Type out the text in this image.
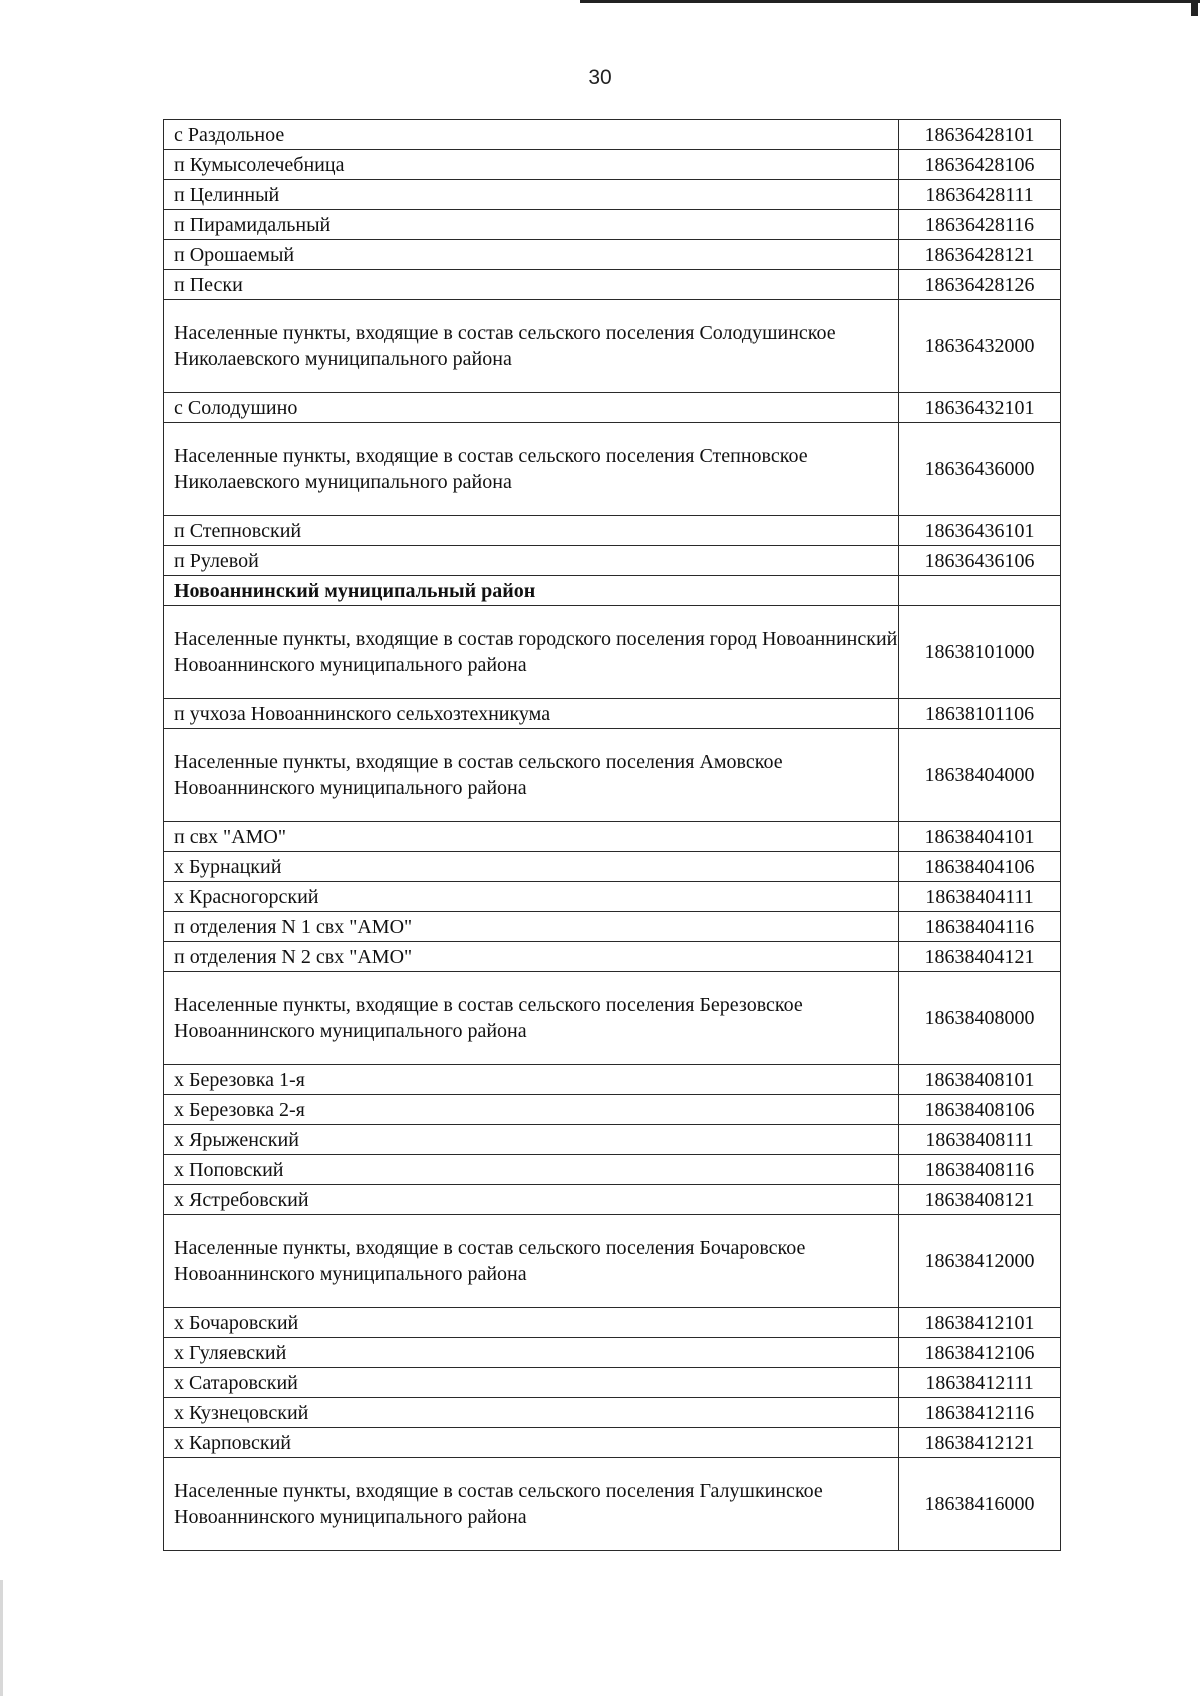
30
с Раздольное	18636428101
п Кумысолечебница	18636428106
п Целинный	18636428111
п Пирамидальный	18636428116
п Орошаемый	18636428121
п Пески	18636428126
Населенные пункты, входящие в состав сельского поселения Солодушинское Николаевского муниципального района	18636432000
с Солодушино	18636432101
Населенные пункты, входящие в состав сельского поселения Степновское Николаевского муниципального района	18636436000
п Степновский	18636436101
п Рулевой	18636436106
Новоаннинский муниципальный район	
Населенные пункты, входящие в состав городского поселения город Новоаннинский Новоаннинского муниципального района	18638101000
п учхоза Новоаннинского сельхозтехникума	18638101106
Населенные пункты, входящие в состав сельского поселения Амовское Новоаннинского муниципального района	18638404000
п свх "АМО"	18638404101
х Бурнацкий	18638404106
х Красногорский	18638404111
п отделения N 1 свх "АМО"	18638404116
п отделения N 2 свх "АМО"	18638404121
Населенные пункты, входящие в состав сельского поселения Березовское Новоаннинского муниципального района	18638408000
х Березовка 1-я	18638408101
х Березовка 2-я	18638408106
х Ярыженский	18638408111
х Поповский	18638408116
х Ястребовский	18638408121
Населенные пункты, входящие в состав сельского поселения Бочаровское Новоаннинского муниципального района	18638412000
х Бочаровский	18638412101
х Гуляевский	18638412106
х Сатаровский	18638412111
х Кузнецовский	18638412116
х Карповский	18638412121
Населенные пункты, входящие в состав сельского поселения Галушкинское Новоаннинского муниципального района	18638416000
